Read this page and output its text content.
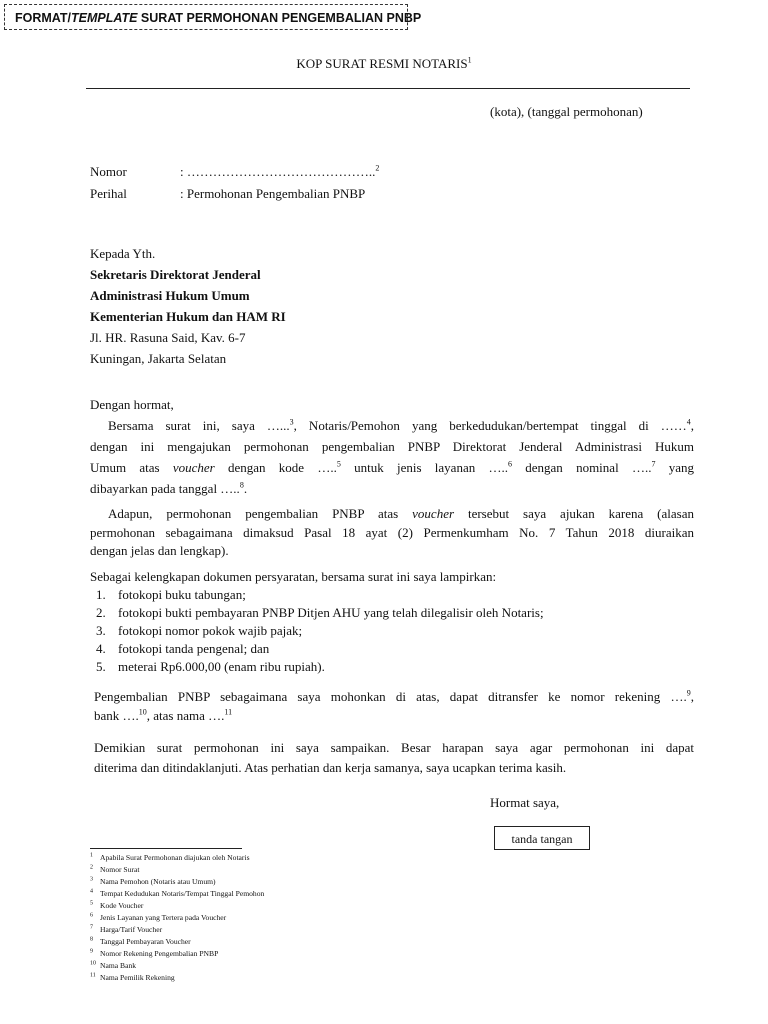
FORMAT/TEMPLATE SURAT PERMOHONAN PENGEMBALIAN PNBP
KOP SURAT RESMI NOTARIS$^1$
(kota), (tanggal permohonan)
Nomor	: ……………………………………..$^2$
Perihal	: Permohonan Pengembalian PNBP
Kepada Yth.
Sekretaris Direktorat Jenderal
Administrasi Hukum Umum
Kementerian Hukum dan HAM RI
Jl. HR. Rasuna Said, Kav. 6-7
Kuningan, Jakarta Selatan
Dengan hormat,
Bersama surat ini, saya …...$^3$, Notaris/Pemohon yang berkedudukan/bertempat tinggal di ……$^4$,
dengan ini mengajukan permohonan pengembalian PNBP Direktorat Jenderal Administrasi Hukum
Umum atas voucher dengan kode …..$^5$ untuk jenis layanan …..$^6$ dengan nominal …..$^7$ yang
dibayarkan pada tanggal …..$^8$.
Adapun, permohonan pengembalian PNBP atas voucher tersebut saya ajukan karena (alasan
permohonan sebagaimana dimaksud Pasal 18 ayat (2) Permenkumham No. 7 Tahun 2018 diuraikan
dengan jelas dan lengkap).
Sebagai kelengkapan dokumen persyaratan, bersama surat ini saya lampirkan:
1. fotokopi buku tabungan;
2. fotokopi bukti pembayaran PNBP Ditjen AHU yang telah dilegalisir oleh Notaris;
3. fotokopi nomor pokok wajib pajak;
4. fotokopi tanda pengenal; dan
5. meterai Rp6.000,00 (enam ribu rupiah).
Pengembalian PNBP sebagaimana saya mohonkan di atas, dapat ditransfer ke nomor rekening ….$^9$,
bank ….$^{10}$, atas nama ….$^{11}$
Demikian surat permohonan ini saya sampaikan. Besar harapan saya agar permohonan ini dapat
diterima dan ditindaklanjuti. Atas perhatian dan kerja samanya, saya ucapkan terima kasih.
Hormat saya,
tanda tangan
$^1$ Apabila Surat Permohonan diajukan oleh Notaris
$^2$ Nomor Surat
$^3$ Nama Pemohon (Notaris atau Umum)
$^4$ Tempat Kedudukan Notaris/Tempat Tinggal Pemohon
$^5$ Kode Voucher
$^6$ Jenis Layanan yang Tertera pada Voucher
$^7$ Harga/Tarif Voucher
$^8$ Tanggal Pembayaran Voucher
$^9$ Nomor Rekening Pengembalian PNBP
$^{10}$ Nama Bank
$^{11}$ Nama Pemilik Rekening
